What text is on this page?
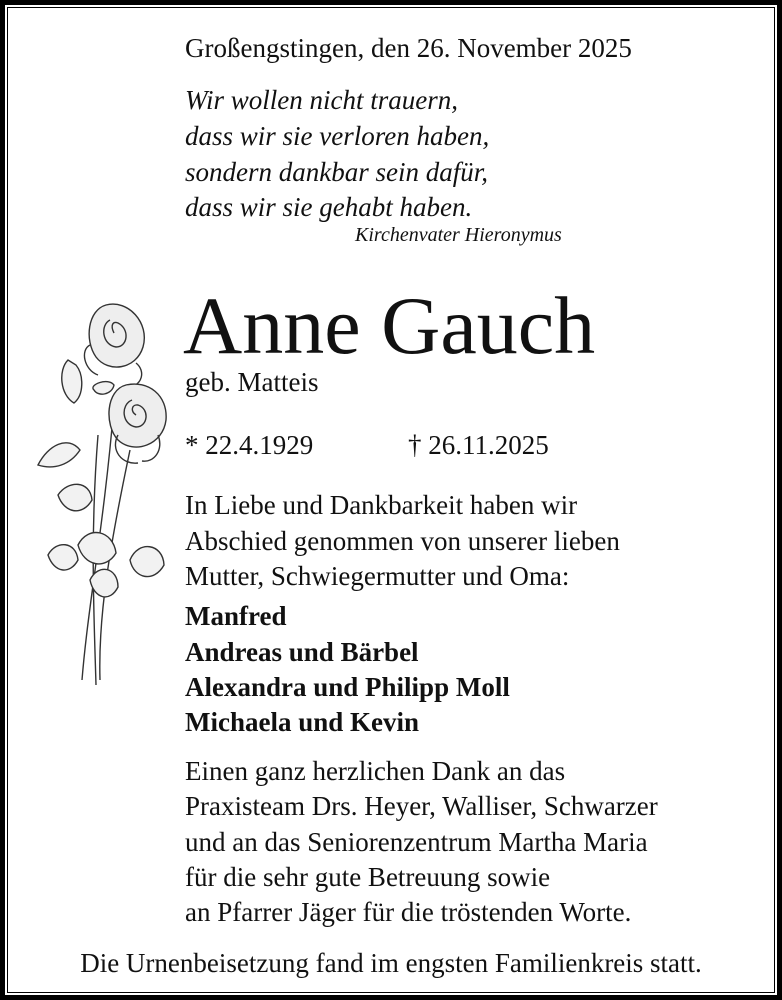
Großengstingen, den 26. November 2025
Wir wollen nicht trauern,
dass wir sie verloren haben,
sondern dankbar sein dafür,
dass wir sie gehabt haben.
Kirchenvater Hieronymus
Anne Gauch
geb. Matteis
* 22.4.1929	† 26.11.2025
In Liebe und Dankbarkeit haben wir
Abschied genommen von unserer lieben
Mutter, Schwiegermutter und Oma:
Manfred
Andreas und Bärbel
Alexandra und Philipp Moll
Michaela und Kevin
Einen ganz herzlichen Dank an das
Praxisteam Drs. Heyer, Walliser, Schwarzer
und an das Seniorenzentrum Martha Maria
für die sehr gute Betreuung sowie
an Pfarrer Jäger für die tröstenden Worte.
Die Urnenbeisetzung fand im engsten Familienkreis statt.
